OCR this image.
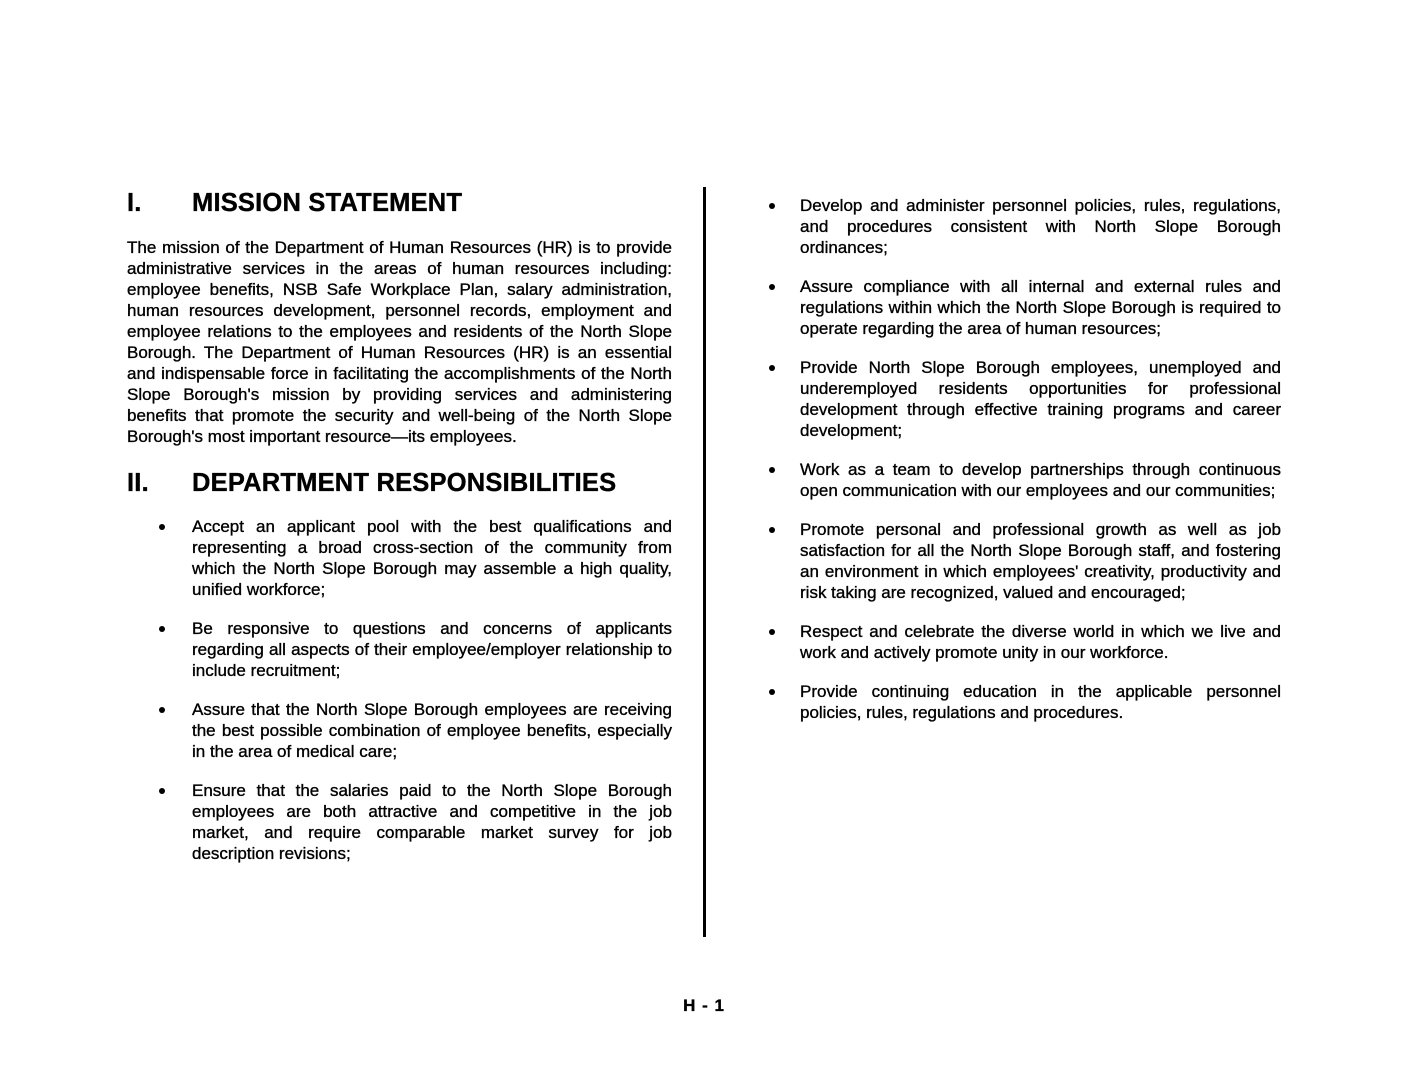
I.	MISSION STATEMENT

The mission of the Department of Human Resources (HR) is to provide administrative services in the areas of human resources including: employee benefits, NSB Safe Workplace Plan, salary administration, human resources development, personnel records, employment and employee relations to the employees and residents of the North Slope Borough. The Department of Human Resources (HR) is an essential and indispensable force in facilitating the accomplishments of the North Slope Borough's mission by providing services and administering benefits that promote the security and well-being of the North Slope Borough's most important resource—its employees.

II.	DEPARTMENT RESPONSIBILITIES
Accept an applicant pool with the best qualifications and representing a broad cross-section of the community from which the North Slope Borough may assemble a high quality, unified workforce;
Be responsive to questions and concerns of applicants regarding all aspects of their employee/employer relationship to include recruitment;
Assure that the North Slope Borough employees are receiving the best possible combination of employee benefits, especially in the area of medical care;
Ensure that the salaries paid to the North Slope Borough employees are both attractive and competitive in the job market, and require comparable market survey for job description revisions;
Develop and administer personnel policies, rules, regulations, and procedures consistent with North Slope Borough ordinances;
Assure compliance with all internal and external rules and regulations within which the North Slope Borough is required to operate regarding the area of human resources;
Provide North Slope Borough employees, unemployed and underemployed residents opportunities for professional development through effective training programs and career development;
Work as a team to develop partnerships through continuous open communication with our employees and our communities;
Promote personal and professional growth as well as job satisfaction for all the North Slope Borough staff, and fostering an environment in which employees' creativity, productivity and risk taking are recognized, valued and encouraged;
Respect and celebrate the diverse world in which we live and work and actively promote unity in our workforce.
Provide continuing education in the applicable personnel policies, rules, regulations and procedures.
H - 1
